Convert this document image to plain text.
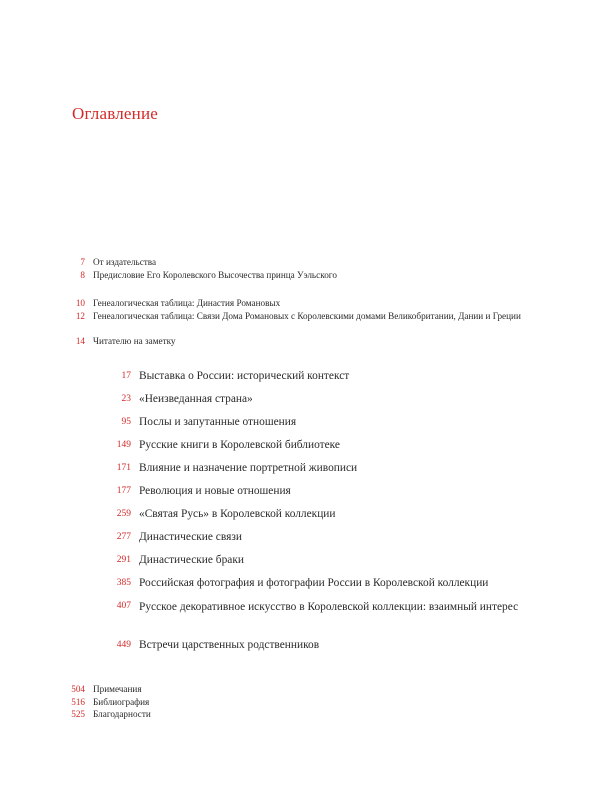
Оглавление
7 От издательства
8 Предисловие Его Королевского Высочества принца Уэльского
10 Генеалогическая таблица: Династия Романовых
12 Генеалогическая таблица: Связи Дома Романовых с Королевскими домами Великобритании, Дании и Греции
14 Читателю на заметку
17 Выставка о России: исторический контекст
23 «Неизведанная страна»
95 Послы и запутанные отношения
149 Русские книги в Королевской библиотеке
171 Влияние и назначение портретной живописи
177 Революция и новые отношения
259 «Святая Русь» в Королевской коллекции
277 Династические связи
291 Династические браки
385 Российская фотография и фотографии России в Королевской коллекции
407 Русское декоративное искусство в Королевской коллекции: взаимный интерес
449 Встречи царственных родственников
504 Примечания
516 Библиография
525 Благодарности
